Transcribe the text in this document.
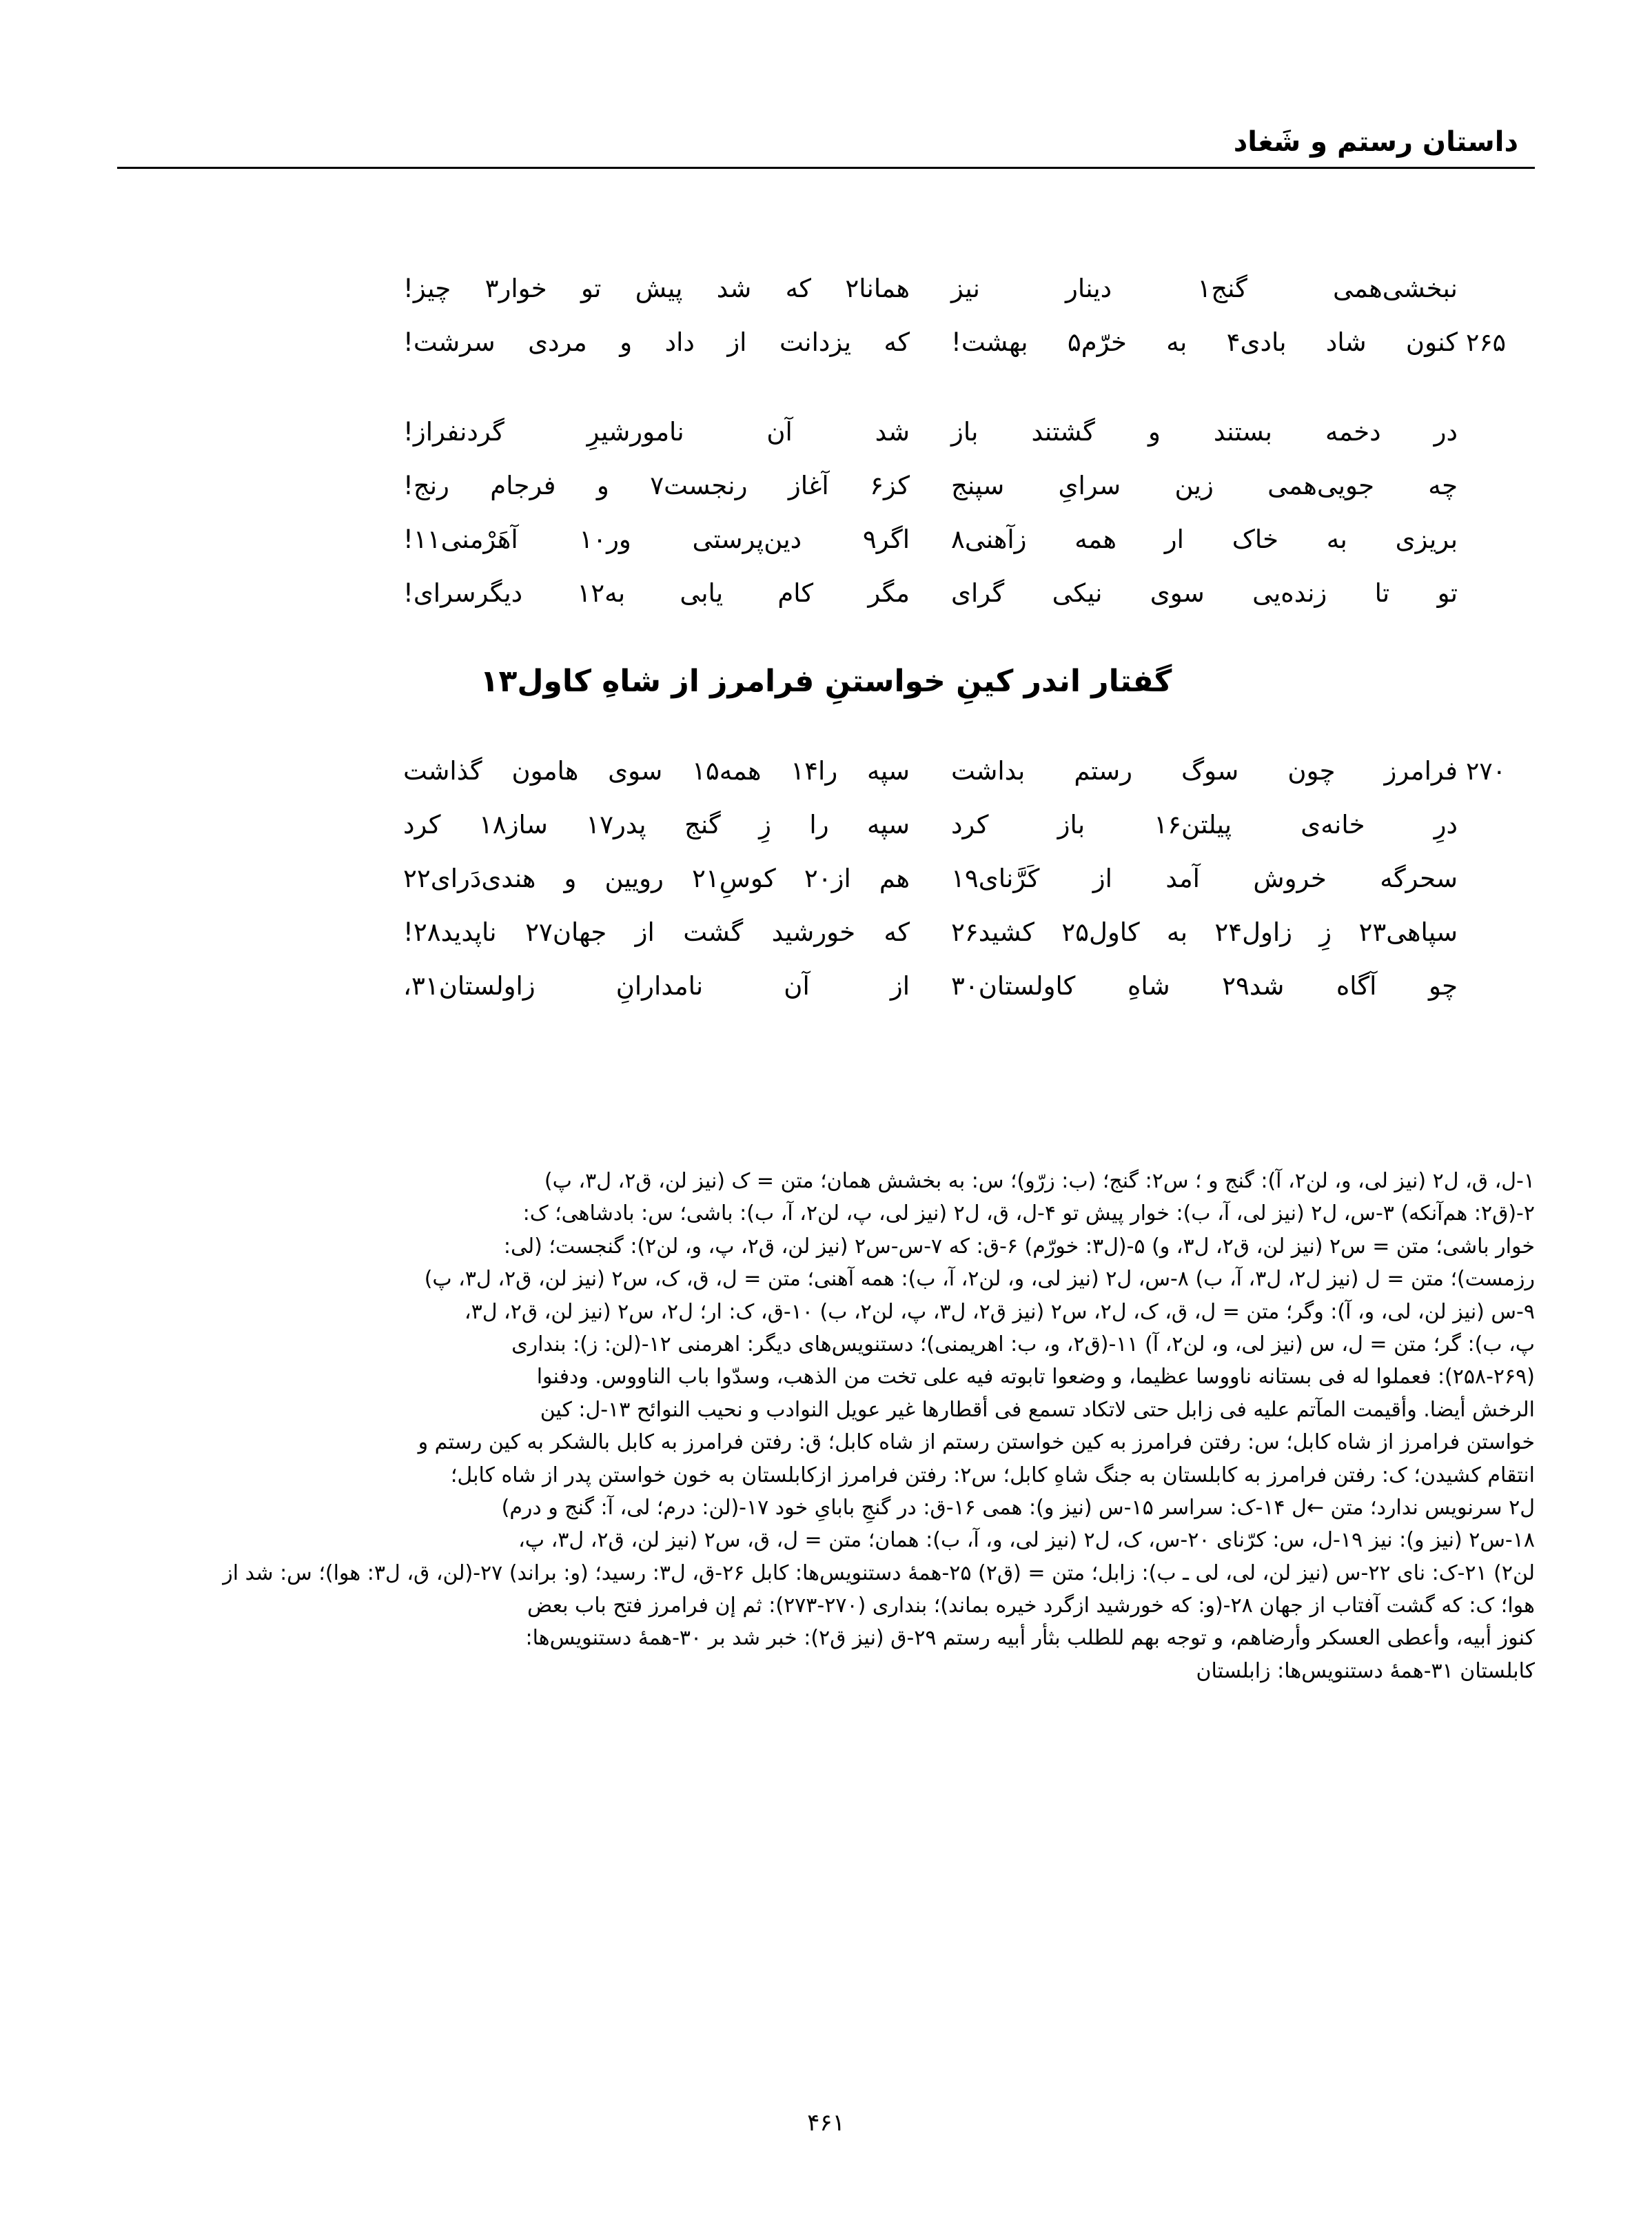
داستان رستم و شَغاد
نبخشی‌همی گنج۱ دینار نیز
همانا۲ که شد پیش تو خوار۳ چیز!
۲۶۵
کنون شاد بادی۴ به خرّم۵ بهشت!
که یزدانت از داد و مردی سرشت!
در دخمه بستند و گشتند باز
شد آن نامورشیرِ گردنفراز!
چه جویی‌همی زین سرایِ سپنج
کز۶ آغاز رنجست۷ و فرجام رنج!
بریزی به خاک ار همه زآهنی۸
اگر۹ دین‌پرستی ور۱۰ آهَرْمنی۱۱!
تو تا زنده‌یی سوی نیکی گرای
مگر کام یابی به۱۲ دیگرسرای!
گفتار اندر کینِ خواستنِ فرامرز از شاهِ کاول۱۳
۲۷۰
فرامرز چون سوگ رستم بداشت
سپه را۱۴ همه۱۵ سوی هامون گذاشت
درِ خانه‌ی پیلتن۱۶ باز کرد
سپه را زِ گنج پدر۱۷ ساز۱۸ کرد
سحرگه خروش آمد از کَرَّنای۱۹
هم از۲۰ کوسِ۲۱ رویین و هندی‌دَرای۲۲
سپاهی۲۳ زِ زاول۲۴ به کاول۲۵ کشید۲۶
که خورشید گشت از جهان۲۷ ناپدید۲۸!
چو آگاه شد۲۹ شاهِ کاولستان۳۰
از آن نامدارانِ زاولستان۳۱،

۱-ل، ق، ل۲ (نیز لی، و، لن۲، آ): گنج و ؛ س۲: گنج؛ (ب: زرّو)؛ س: به بخشش همان؛ متن = ک (نیز لن، ق۲، ل۳، پ)

۲-(ق۲: هم‌آنکه) ۳-س، ل۲ (نیز لی، آ، ب): خوار پیش تو ۴-ل، ق، ل۲ (نیز لی، پ، لن۲، آ، ب): باشی؛ س: بادشاهی؛ ک:

خوار باشی؛ متن = س۲ (نیز لن، ق۲، ل۳، و) ۵-(ل۳: خورّم) ۶-ق: که ۷-س-س۲ (نیز لن، ق۲، پ، و، لن۲): گنجست؛ (لی:

رزمست)؛ متن = ل (نیز ل۲، ل۳، آ، ب) ۸-س، ل۲ (نیز لی، و، لن۲، آ، ب): همه آهنی؛ متن = ل، ق، ک، س۲ (نیز لن، ق۲، ل۳، پ)

۹-س (نیز لن، لی، و، آ): وگر؛ متن = ل، ق، ک، ل۲، س۲ (نیز ق۲، ل۳، پ، لن۲، ب) ۱۰-ق، ک: ار؛ ل۲، س۲ (نیز لن، ق۲، ل۳،

پ، ب): گر؛ متن = ل، س (نیز لی، و، لن۲، آ) ۱۱-(ق۲، و، ب: اهریمنی)؛ دستنویس‌های دیگر: اهرمنی ۱۲-(لن: ز): بنداری

(۲۵۸-۲۶۹): فعملوا له فی بستانه ناووسا عظیما، و وضعوا تابوته فیه علی تخت من الذهب، وسدّوا باب الناووس. ودفنوا

الرخش أیضا. وأقیمت المآتم علیه فی زابل حتی لاتکاد تسمع فی أقطارها غیر عویل النوادب و نحیب النوائح ۱۳-ل: کین

خواستن فرامرز از شاه کابل؛ س: رفتن فرامرز به کین خواستن رستم از شاه کابل؛ ق: رفتن فرامرز به کابل بالشکر به کین رستم و

انتقام کشیدن؛ ک: رفتن فرامرز به کابلستان به جنگ شاهِ کابل؛ س۲: رفتن فرامرز ازکابلستان به خون خواستن پدر از شاه کابل؛

ل۲ سرنویس ندارد؛ متن ←ل ۱۴-ک: سراسر ۱۵-س (نیز و): همی ۱۶-ق: در گنجِ بابایِ خود ۱۷-(لن: درم؛ لی، آ: گنج و درم)

۱۸-س۲ (نیز و): نیز ۱۹-ل، س: کرّنای ۲۰-س، ک، ل۲ (نیز لی، و، آ، ب): همان؛ متن = ل، ق، س۲ (نیز لن، ق۲، ل۳، پ،

لن۲) ۲۱-ک: نای ۲۲-س (نیز لن، لی، لی ـ ب): زابل؛ متن = (ق۲) ۲۵-همهٔ دستنویس‌ها: کابل ۲۶-ق، ل۳: رسید؛ (و: براند) ۲۷-(لن، ق، ل۳: هوا)؛ س: شد از

هوا؛ ک: که گشت آفتاب از جهان ۲۸-(و: که خورشید ازگرد خیره بماند)؛ بنداری (۲۷۰-۲۷۳): ثم إن فرامرز فتح باب بعض

کنوز أبیه، وأعطی العسکر وأرضاهم، و توجه بهم للطلب بثأر أبیه رستم ۲۹-ق (نیز ق۲): خبر شد بر ۳۰-همهٔ دستنویس‌ها:

کابلستان ۳۱-همهٔ دستنویس‌ها: زابلستان

۴۶۱
